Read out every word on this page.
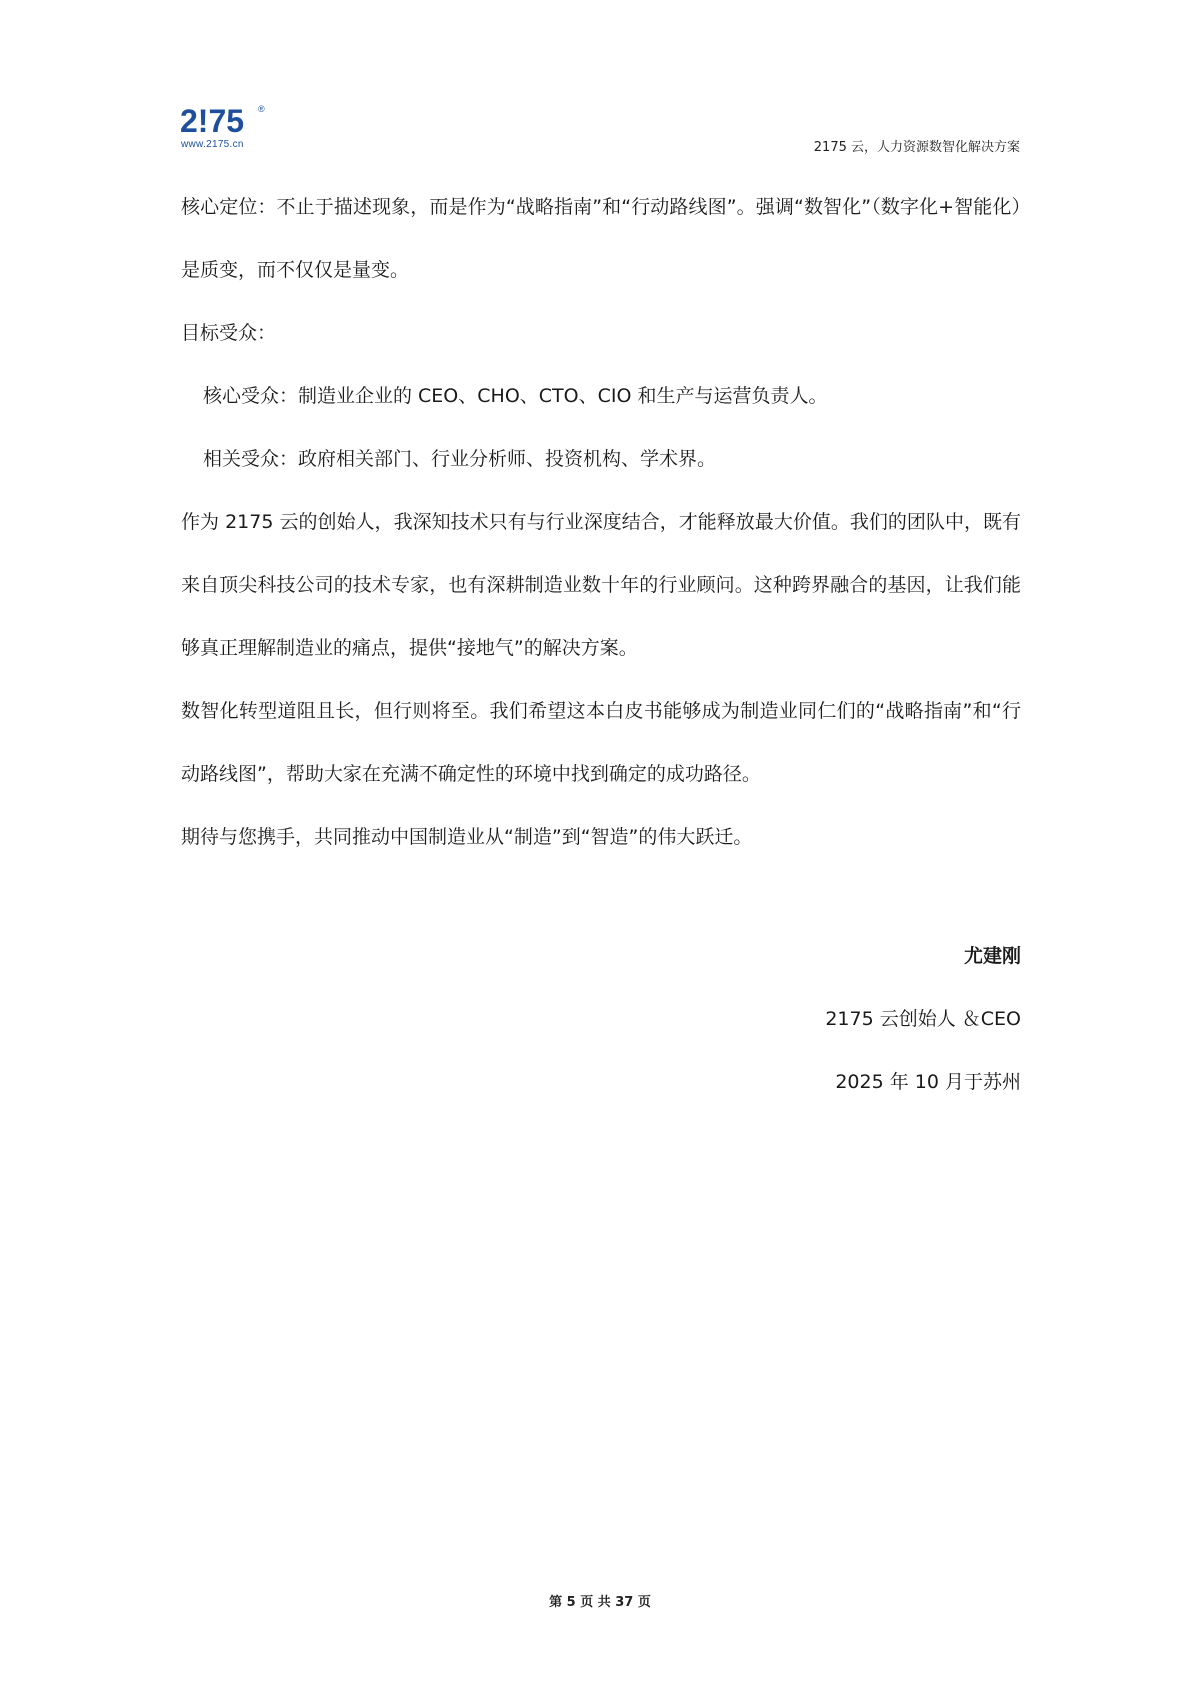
2!75 ®
www.2175.cn	2175 云，人力资源数智化解决方案

核心定位：不止于描述现象，而是作为“战略指南”和“行动路线图”。强调“数智化”（数字化+智能化）是质变，而不仅仅是量变。

目标受众：

核心受众：制造业企业的 CEO、CHO、CTO、CIO 和生产与运营负责人。

相关受众：政府相关部门、行业分析师、投资机构、学术界。

作为 2175 云的创始人，我深知技术只有与行业深度结合，才能释放最大价值。我们的团队中，既有来自顶尖科技公司的技术专家，也有深耕制造业数十年的行业顾问。这种跨界融合的基因，让我们能够真正理解制造业的痛点，提供“接地气”的解决方案。

数智化转型道阻且长，但行则将至。我们希望这本白皮书能够成为制造业同仁们的“战略指南”和“行动路线图”，帮助大家在充满不确定性的环境中找到确定的成功路径。

期待与您携手，共同推动中国制造业从“制造”到“智造”的伟大跃迁。

尤建刚

2175 云创始人 ＆CEO

2025 年 10 月于苏州

第 5 页 共 37 页
